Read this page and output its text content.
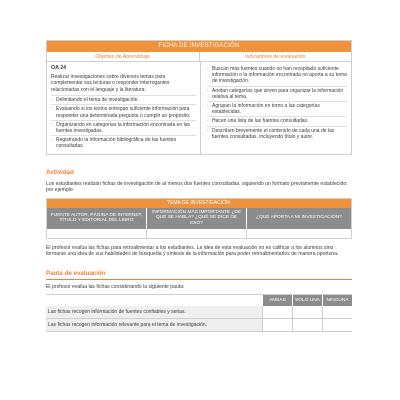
FICHA DE INVESTIGACIÓN
Objetivo de Aprendizaje	Indicadores de evaluación
OA 24
Realizar investigaciones sobre diversos temas para complementar sus lecturas o responder interrogantes relacionadas con el lenguaje y la literatura:
· Delimitando el tema de investigación.
· Evaluando si los textos entregan suficiente información para responder una determinada pregunta o cumplir un propósito.
· Organizando en categorías la información encontrada en las fuentes investigadas.
· Registrando la información bibliográfica de las fuentes consultadas.
· Buscan más fuentes cuando no han recopilado suficiente información o la información encontrada no aporta a su tema de investigación.
· Anotan categorías que sirven para organizar la información relativa al tema.
· Agrupan la información en torno a las categorías establecidas.
· Hacen una lista de las fuentes consultadas.
· Describen brevemente el contenido de cada una de las fuentes consultadas, incluyendo título y autor.
Actividad
Los estudiantes realizan fichas de investigación de al menos dos fuentes consultadas, siguiendo un formato previamente establecido; por ejemplo:
TEMA DE INVESTIGACIÓN:
FUENTE AUTOR, PÁGINA DE INTERNET, TÍTULO Y EDITORIAL DEL LIBRO
INFORMACIÓN MÁS IMPORTANTE ¿DE QUÉ SE HABLA? ¿QUÉ SE DICE DE ESO?
¿QUÉ APORTA A MI INVESTIGACIÓN?
El profesor evalúa las fichas para retroalimentar a los estudiantes. La idea de esta evaluación no es calificar a los alumnos sino formarse una idea de sus habilidades de búsqueda y síntesis de la información para poder retroalimentarlos de manera oportuna.
Pauta de evaluación
El profesor evalúa las fichas considerando la siguiente pauta:
AMBAS	SOLO UNA	NINGUNA
Las fichas recogen información de fuentes confiables y serias.
Las fichas recogen información relevante para el tema de investigación.
